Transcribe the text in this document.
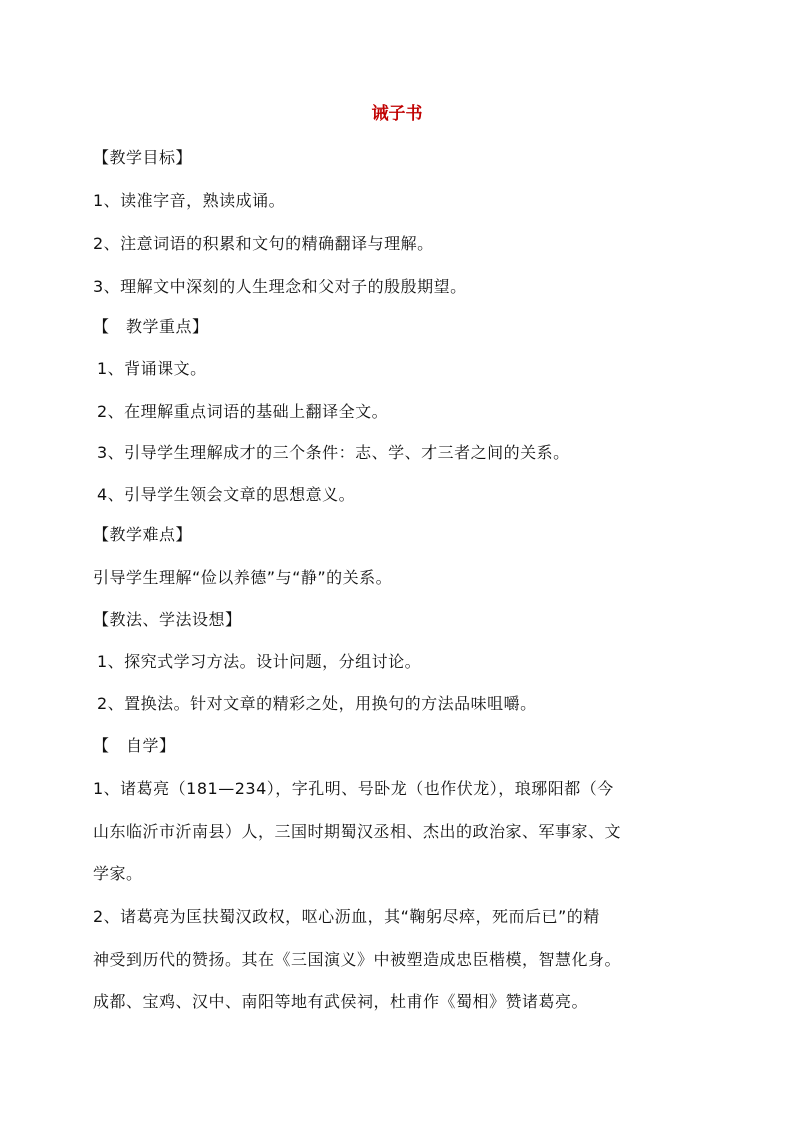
诫子书
【教学目标】
1、读准字音，熟读成诵。
2、注意词语的积累和文句的精确翻译与理解。
3、理解文中深刻的人生理念和父对子的殷殷期望。
【　教学重点】
1、背诵课文。
2、在理解重点词语的基础上翻译全文。
3、引导学生理解成才的三个条件：志、学、才三者之间的关系。
4、引导学生领会文章的思想意义。
【教学难点】
引导学生理解“俭以养德”与“静”的关系。
【教法、学法设想】
1、探究式学习方法。设计问题，分组讨论。
2、置换法。针对文章的精彩之处，用换句的方法品味咀嚼。
【　自学】
1、诸葛亮（181—234），字孔明、号卧龙（也作伏龙），琅琊阳都（今
山东临沂市沂南县）人，三国时期蜀汉丞相、杰出的政治家、军事家、文
学家。
2、诸葛亮为匡扶蜀汉政权，呕心沥血，其“鞠躬尽瘁，死而后已”的精
神受到历代的赞扬。其在《三国演义》中被塑造成忠臣楷模，智慧化身。
成都、宝鸡、汉中、南阳等地有武侯祠，杜甫作《蜀相》赞诸葛亮。
